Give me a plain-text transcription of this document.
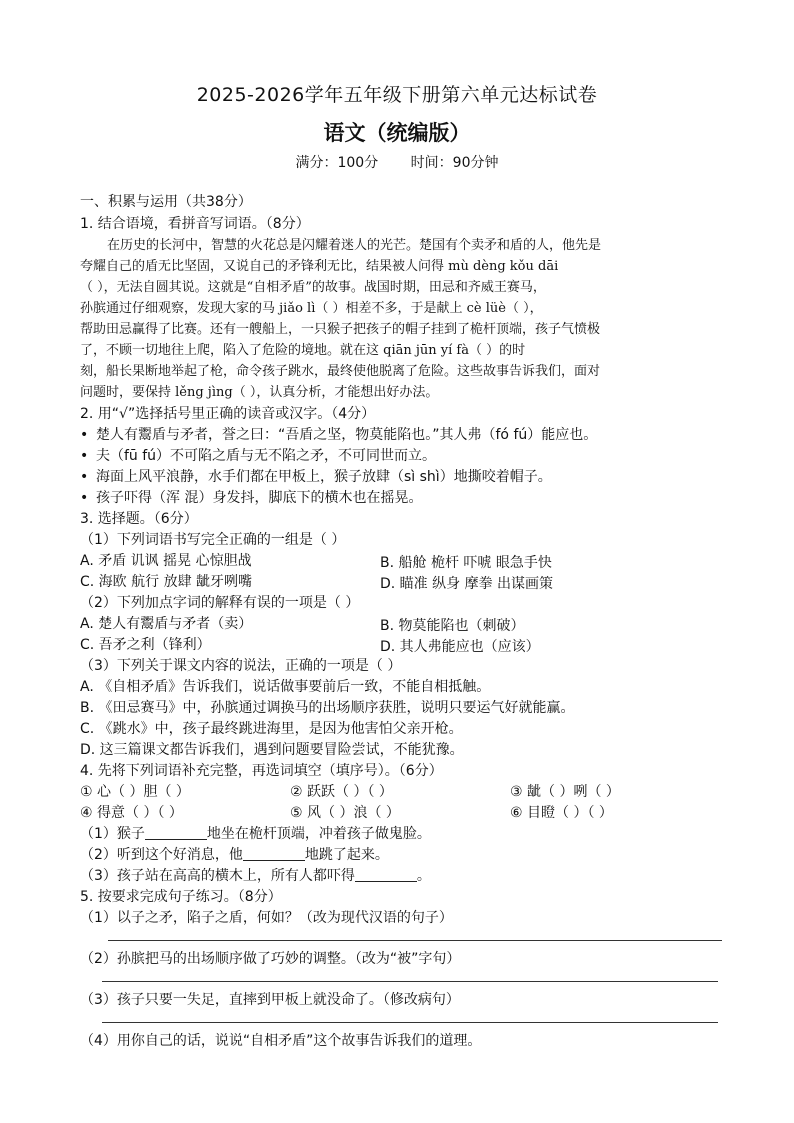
2025-2026学年五年级下册第六单元达标试卷
语文（统编版）
满分：100分 时间：90分钟
一、积累与运用（共38分）
1. 结合语境，看拼音写词语。（8分）
在历史的长河中，智慧的火花总是闪耀着迷人的光芒。楚国有个卖矛和盾的人，他先是
夸耀自己的盾无比坚固，又说自己的矛锋利无比，结果被人问得 mù dèng kǒu dāi
（ ），无法自圆其说。这就是“自相矛盾”的故事。战国时期，田忌和齐威王赛马，
孙膑通过仔细观察，发现大家的马 jiǎo lì（ ）相差不多，于是献上 cè lüè（ ），
帮助田忌赢得了比赛。还有一艘船上，一只猴子把孩子的帽子挂到了桅杆顶端，孩子气愤极
了，不顾一切地往上爬，陷入了危险的境地。就在这 qiān jūn yí fà（ ）的时
刻，船长果断地举起了枪，命令孩子跳水，最终使他脱离了危险。这些故事告诉我们，面对
问题时，要保持 lěng jìng（ ），认真分析，才能想出好办法。
2. 用“√”选择括号里正确的读音或汉字。（4分）
• 楚人有鬻盾与矛者，誉之曰：“吾盾之坚，物莫能陷也。”其人弗（fó fú）能应也。
• 夫（fū fú）不可陷之盾与无不陷之矛，不可同世而立。
• 海面上风平浪静，水手们都在甲板上，猴子放肆（sì shì）地撕咬着帽子。
• 孩子吓得（浑 混）身发抖，脚底下的横木也在摇晃。
3. 选择题。（6分）
（1）下列词语书写完全正确的一组是（ ）
A. 矛盾 讥讽 摇晃 心惊胆战	B. 船舱 桅杆 吓唬 眼急手快
C. 海欧 航行 放肆 龇牙咧嘴	D. 瞄准 纵身 摩拳 出谋画策
（2）下列加点字词的解释有误的一项是（ ）
A. 楚人有鬻盾与矛者（卖）	B. 物莫能陷也（刺破）
C. 吾矛之利（锋利）	D. 其人弗能应也（应该）
（3）下列关于课文内容的说法，正确的一项是（ ）
A. 《自相矛盾》告诉我们，说话做事要前后一致，不能自相抵触。
B. 《田忌赛马》中，孙膑通过调换马的出场顺序获胜，说明只要运气好就能赢。
C. 《跳水》中，孩子最终跳进海里，是因为他害怕父亲开枪。
D. 这三篇课文都告诉我们，遇到问题要冒险尝试，不能犹豫。
4. 先将下列词语补充完整，再选词填空（填序号）。（6分）
① 心（ ）胆（ ）	② 跃跃（ ）（ ）	③ 龇（ ）咧（ ）
④ 得意（ ）（ ）	⑤ 风（ ）浪（ ）	⑥ 目瞪（ ）（ ）
（1）猴子	地坐在桅杆顶端，冲着孩子做鬼脸。
（2）听到这个好消息，他	地跳了起来。
（3）孩子站在高高的横木上，所有人都吓得	。
5. 按要求完成句子练习。（8分）
（1）以子之矛，陷子之盾，何如？（改为现代汉语的句子）
（2）孙膑把马的出场顺序做了巧妙的调整。（改为“被”字句）
（3）孩子只要一失足，直摔到甲板上就没命了。（修改病句）
（4）用你自己的话，说说“自相矛盾”这个故事告诉我们的道理。
